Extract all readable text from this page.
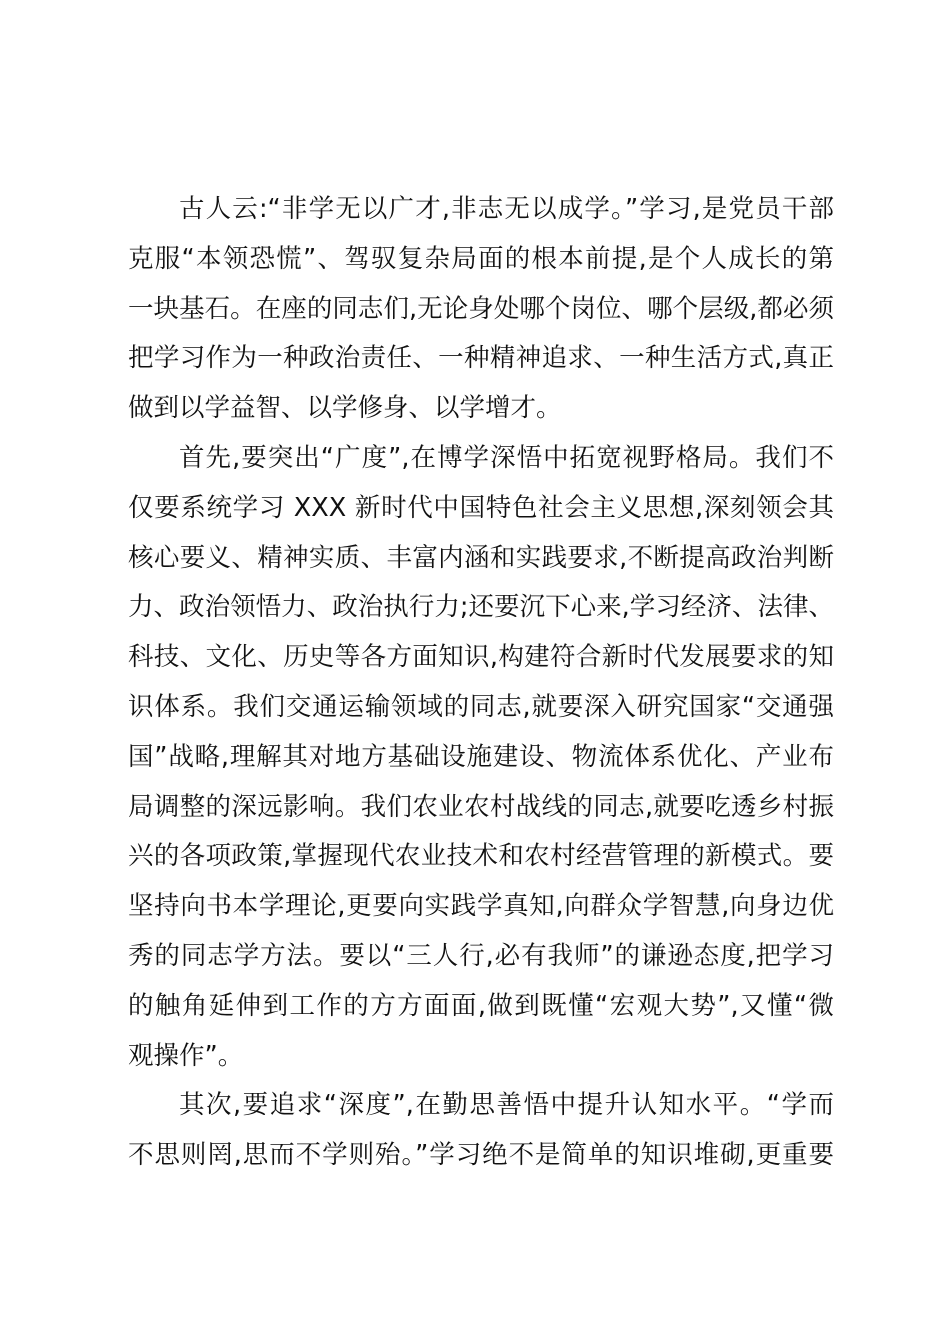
古人云:“非学无以广才,非志无以成学。”学习,是党员干部
克服“本领恐慌”、驾驭复杂局面的根本前提,是个人成长的第
一块基石。在座的同志们,无论身处哪个岗位、哪个层级,都必须
把学习作为一种政治责任、一种精神追求、一种生活方式,真正
做到以学益智、以学修身、以学增才。
首先,要突出“广度”,在博学深悟中拓宽视野格局。我们不
仅要系统学习 XXX 新时代中国特色社会主义思想,深刻领会其
核心要义、精神实质、丰富内涵和实践要求,不断提高政治判断
力、政治领悟力、政治执行力;还要沉下心来,学习经济、法律、
科技、文化、历史等各方面知识,构建符合新时代发展要求的知
识体系。我们交通运输领域的同志,就要深入研究国家“交通强
国”战略,理解其对地方基础设施建设、物流体系优化、产业布
局调整的深远影响。我们农业农村战线的同志,就要吃透乡村振
兴的各项政策,掌握现代农业技术和农村经营管理的新模式。要
坚持向书本学理论,更要向实践学真知,向群众学智慧,向身边优
秀的同志学方法。要以“三人行,必有我师”的谦逊态度,把学习
的触角延伸到工作的方方面面,做到既懂“宏观大势”,又懂“微
观操作”。
其次,要追求“深度”,在勤思善悟中提升认知水平。“学而
不思则罔,思而不学则殆。”学习绝不是简单的知识堆砌,更重要
